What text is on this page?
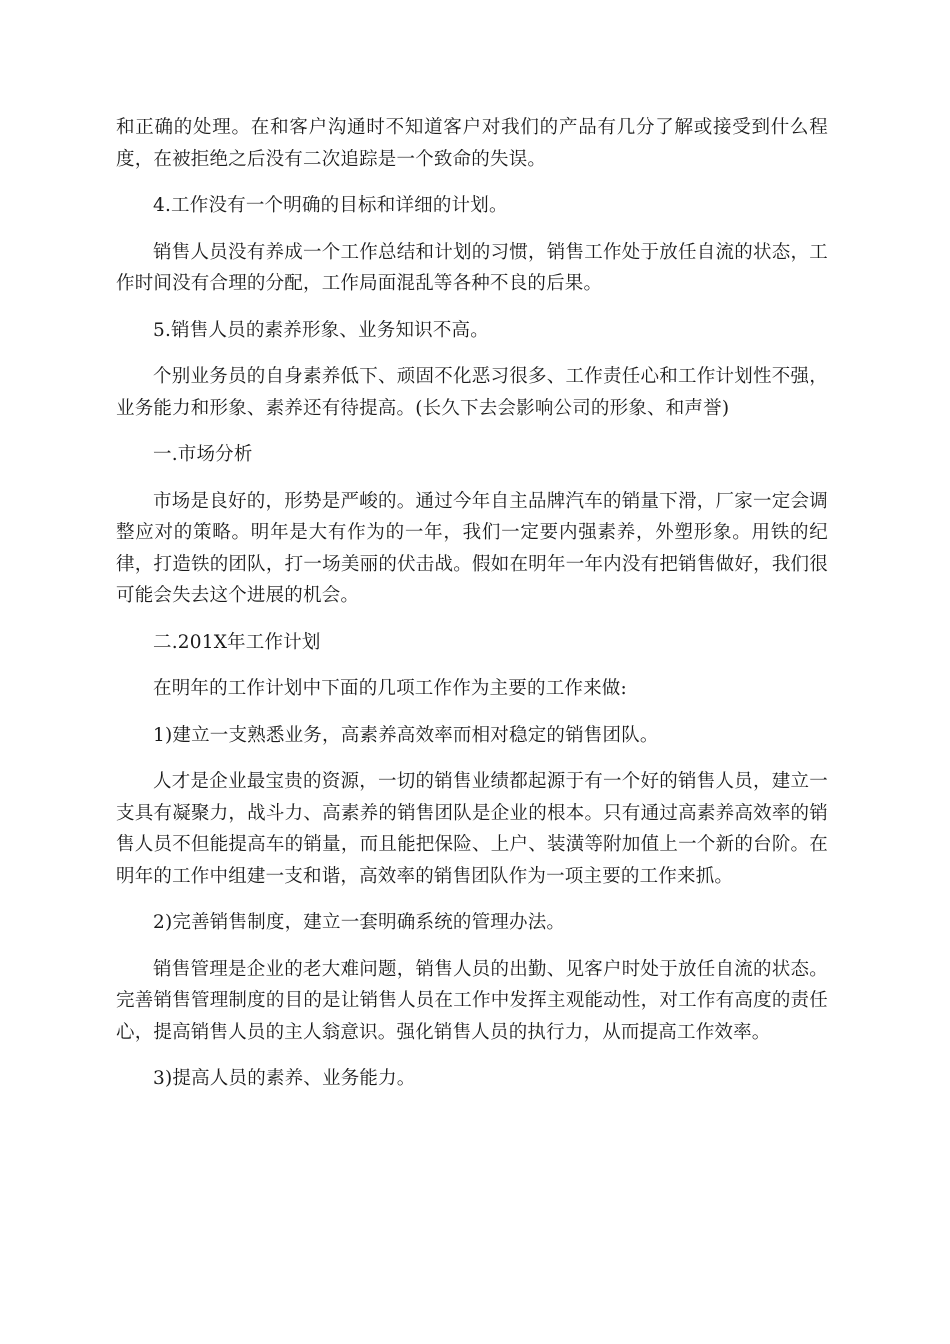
和正确的处理。在和客户沟通时不知道客户对我们的产品有几分了解或接受到什么程度，在被拒绝之后没有二次追踪是一个致命的失误。

4.工作没有一个明确的目标和详细的计划。

销售人员没有养成一个工作总结和计划的习惯，销售工作处于放任自流的状态，工作时间没有合理的分配，工作局面混乱等各种不良的后果。

5.销售人员的素养形象、业务知识不高。

个别业务员的自身素养低下、顽固不化恶习很多、工作责任心和工作计划性不强，业务能力和形象、素养还有待提高。(长久下去会影响公司的形象、和声誉)

一.市场分析

市场是良好的，形势是严峻的。通过今年自主品牌汽车的销量下滑，厂家一定会调整应对的策略。明年是大有作为的一年，我们一定要内强素养，外塑形象。用铁的纪律，打造铁的团队，打一场美丽的伏击战。假如在明年一年内没有把销售做好，我们很可能会失去这个进展的机会。

二.201X年工作计划

在明年的工作计划中下面的几项工作作为主要的工作来做:

1)建立一支熟悉业务，高素养高效率而相对稳定的销售团队。

人才是企业最宝贵的资源，一切的销售业绩都起源于有一个好的销售人员，建立一支具有凝聚力，战斗力、高素养的销售团队是企业的根本。只有通过高素养高效率的销售人员不但能提高车的销量，而且能把保险、上户、装潢等附加值上一个新的台阶。在明年的工作中组建一支和谐，高效率的销售团队作为一项主要的工作来抓。

2)完善销售制度，建立一套明确系统的管理办法。

销售管理是企业的老大难问题，销售人员的出勤、见客户时处于放任自流的状态。完善销售管理制度的目的是让销售人员在工作中发挥主观能动性，对工作有高度的责任心，提高销售人员的主人翁意识。强化销售人员的执行力，从而提高工作效率。

3)提高人员的素养、业务能力。
